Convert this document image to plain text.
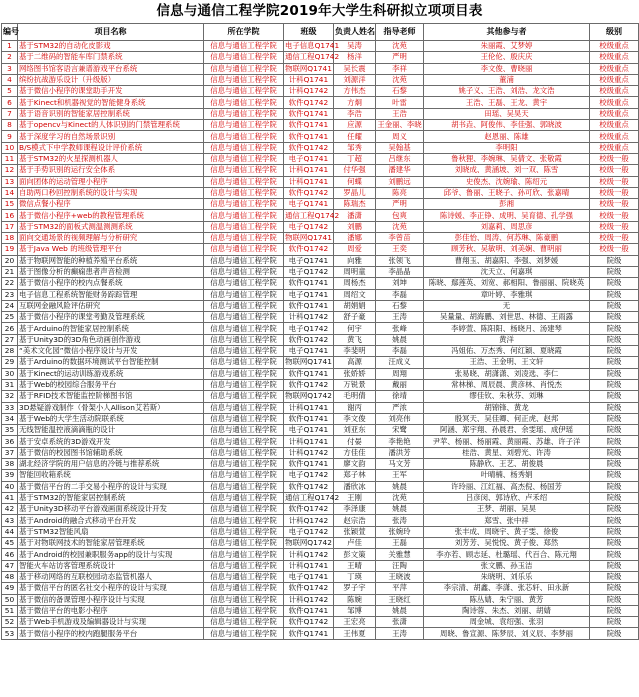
信息与通信工程学院2019年大学生科研拟立项项目表
编号	项目名称	所在学院	班级	负责人姓名	指导老师	其他参与者	级别
1	基于STM32的自动化皮影戏	信息与通信工程学院	电子信息Q1741	吴涛	沈苑	朱丽霞、艾梦婷	校级重点
2	基于二维码的智能车库门禁系统	信息与通信工程学院	通信工程Q1742	杨洋	严明	王伦伦、殷庆庆	校级重点
3	网络图书馆客语言兼谱游戏平台系统	信息与通信工程学院	物联网Q1741	吴长震	李祥	李文俊、曹晓丽	校级重点
4	缤纷抗战游乐设计（升级版）	信息与通信工程学院	计科Q1741	刘源洋	沈苑	董浦	校级重点
5	基于微信小程序的课堂助手开发	信息与通信工程学院	计科Q1742	方伟杰	石黎	姚子义、王浩、刘浩、龙文浩	校级重点
6	基于Kinect和机器视觉的智能健身系统	信息与通信工程学院	软件Q1742	方炯	叶雷	王浩、王磊、王龙、黄宇	校级重点
7	基于语音识别的智能家居控制系统	信息与通信工程学院	软件Q1741	李浩	王浩	田瑶、吴昊天	校级重点
8	基于opencv与Kinect的人体识别的门禁管理系统	信息与通信工程学院	软件Q1741	应源	王金丽、李晓	胡书垚、阿俊伟、李佳强、郭晓波	校级重点
9	基于深度学习的自然场景识别	信息与通信工程学院	软件Q1741	任耀	周义	赵恩丽、陈雄	校级重点
10	B/S模式下中学教师课程设计评价系统	信息与通信工程学院	软件Q1742	邹秀	吴翰基	李明阳	校级重点
11	基于STM32的火星探测机器人	信息与通信工程学院	电子Q1741	丁超	吕继东	鲁秋狸、李婉琳、吴倩文、张敬霞	校级一般
12	基于手势识别的运行安全体系	信息与通信工程学院	计科Q1741	付华强	潘建华	刘晓成、黄涵坡、刘一双、陈雪	校级一般
13	面向团体的运动管理小程序	信息与通信工程学院	计科Q1741	何蝶	刘鹏远	史俊杰、沈婉瑜、陈绍元	校级一般
14	自助两口秒回控制系统的设计与实现	信息与通信工程学院	软件Q1742	罗晶儿	陈亮	邱爷、鲁丽、王晓子、孙可欣、张嘉晴	校级一般
15	微信点餐小程序	信息与通信工程学院	电子Q1741	陈瑞杰	严明	彭湘	校级一般
16	基于微信小程序+web的教程管理系统	信息与通信工程学院	通信工程Q1742	潘潇	包爽	陈诗媛、李正铮、成明、吴育德、孔学强	校级一般
17	基于STM32的面板式测温测测系统	信息与通信工程学院	电子Q1742	刘鹏	沈苑	刘嘉莉、周思彦	校级一般
18	面向交通场景的视频理解与分析研究	信息与通信工程学院	物联网Q1741	潘娜	李曾苗	彭佳怡、周涛、何苏琳、陈豪鹏	校级一般
19	基于Java Web 的班级管理平台	信息与通信工程学院	软件Q1742	周爱	王奕	顾芳秋、吴敏明、刘美娴、曹明丽	校级一般
20	基于物联网智能的种植养殖平台系统	信息与通信工程学院	电子Q1741	向雅	张领飞	曹翔玉、胡嘉阳、李强、刘梦媛	院级
21	基于图像分析的癫痫患者声音检测	信息与通信工程学院	电子Q1742	周明童	李晶晶	沈天立、何嘉琪	院级
22	基于微信小程序的校内点餐系统	信息与通信工程学院	软件Q1741	周杨杰	刘坤	陈晓、鄢莲英、刘宽、郝相阳、鲁丽丽、院晓英	院级
23	电子信息工程系统智能财务踪踪管理	信息与通信工程学院	电子Q1741	周绍文	李磊	章叶婷、李雅琪	院级
24	互联网金融风险评估研究	信息与通信工程学院	软件Q1741	胡娟娟	石黎	无	院级
25	基于微信小程序的课堂考勤及管理系统	信息与通信工程学院	计科Q1742	舒子豪	王涛	吴量量、胡海鹏、刘世思、林德、王雨露	院级
26	基于Arduino的智能家居控制系统	信息与通信工程学院	电子Q1742	何宇	张峰	李婷萱、陈阳阳、杨晓月、汤建琴	院级
27	基于Unity3D的3D角色动画创作游戏	信息与通信工程学院	软件Q1742	黄飞	姚晨	黄洋	院级
28	“美术文化园”微信小程序设计与开发	信息与通信工程学院	电子Q1741	李斐明	李磊	冯姐佑、万杰秀、何红颖、夏晓霞	院级
29	基于Arduino的数据环境测试平台智能控制	信息与通信工程学院	物联网Q1741	高源	汪成义	王浩、王金明、王文轩	院级
30	基于Kinect的运动训练游戏系统	信息与通信工程学院	软件Q1741	张娇娇	周翔	张易晓、胡潇潇、刘凌选、李仁	院级
31	基于Web的校园综合服务平台	信息与通信工程学院	软件Q1742	万锐景	戴丽	常林梯、周辰晨、黄彦林、肖悦杰	院级
32	基于RFID技术智能监控阶梯图书馆	信息与通信工程学院	物联网Q1742	毛明倩	徐靖	缪佳钦、朱秋芬、刘琳	院级
33	3D悬疑游戏制作（骨架小人Allison艾若斯）	信息与通信工程学院	计科Q1741	谢丙	严浓	胡锦锋、黄龙	院级
34	基于Web的大学生活动院联系统	信息与通信工程学院	软件Q1741	李文俊	刘亮伟	殷冥天、吴佳卿、何正虎、赵邦	院级
35	无线智能温控液滴滴瓶的设计	信息与通信工程学院	电子Q1741	刘亚东	宋鹭	阿涵、郑宇翔、孙晨君、余雯瑶、成伊瑶	院级
36	基于安卓系统的3D游戏开发	信息与通信工程学院	计科Q1741	付晏	李艳艳	尹苹、杨丽、杨丽霞、黄丽霞、苏雄、许子洋	院级
37	基于微信的校园图书馆辅助系统	信息与通信工程学院	计科Q1742	方佳佳	潘洪芳	桂浩、黄星、刘碧光、许涛	院级
38	湖北经济学院的用户信息的冷链与推荐系统	信息与通信工程学院	软件Q1741	廖文韵	马文芳	陈静欣、王艺、胡俊晨	院级
39	智能回收箱系统	信息与通信工程学院	电子Q1742	郑子林	王军	叶晴楠、杨秀娟	院级
40	基于微信平台的二手交易小程序的设计与实现	信息与通信工程学院	软件Q1742	潘欣冰	姚晨	许玲丽、江红福、高杰倪、杨国芳	院级
41	基于STM32的智能家居控制系统	信息与通信工程学院	通信工程Q1742	王刚	沈苑	吕彦闵、郭诗欣、卢禾绍	院级
42	基于Unity3D移动平台游戏画面系统设计开发	信息与通信工程学院	软件Q1742	李泽康	姚晨	王梦、胡丽、吴昊	院级
43	基于Android的融合式移动平台开发	信息与通信工程学院	计科Q1742	赵宗浩	张涛	郑雪、张中祥	院级
44	基于STM32智能风扇	信息与通信工程学院	电子Q1742	张颖萱	张婉玲	张丰成、周晓宇、黄子雯、徐俊	院级
45	基于对物联网技术的智能家居管理系统	信息与通信工程学院	物联网Q1742	卢佳	王磊	刘芳芳、吴悦悦、黄子俊、郑然	院级
46	基于Android的校园兼职服务app的设计与实现	信息与通信工程学院	计科Q1742	彭文策	关雅慧	李亦若、顾志延、杜璐瑶、代百合、陈元翔	院级
47	智能火车站访客管理系统设计	信息与通信工程学院	计科Q1741	王晴	汪陶	张文鹏、孙玉洁	院级
48	基于移动网络的互联校园动态监管机器人	信息与通信工程学院	电子Q1741	丁瑛	王晓波	朱晓明、刘乐乐	院级
49	基于微信平台的匿名社交小程序的设计与实现	信息与通信工程学院	软件Q1742	罗子宇	平萍	李宗清、胡鑫、李潇、张芯轩、田永新	院级
50	基于微信的备课管理小程序设计与实现	信息与通信工程学院	计科Q1742	陈婉	王晓红	陈丛婧、朱宁丽、黄芳	院级
51	基于微信平台的电影小程序	信息与通信工程学院	软件Q1741	邹博	姚晨	陶诗蓉、朱杰、刘丽、胡婧	院级
52	基于Web手机游戏及编辑器设计与实现	信息与通信工程学院	软件Q1742	王宏亮	张潇	周金城、袁绍强、张羽	院级
53	基于微信小程序的校内跑腿服务平台	信息与通信工程学院	软件Q1741	王伟夏	王涛	周晓、鲁宣源、陈梦辰、刘义辰、李梦丽	院级
